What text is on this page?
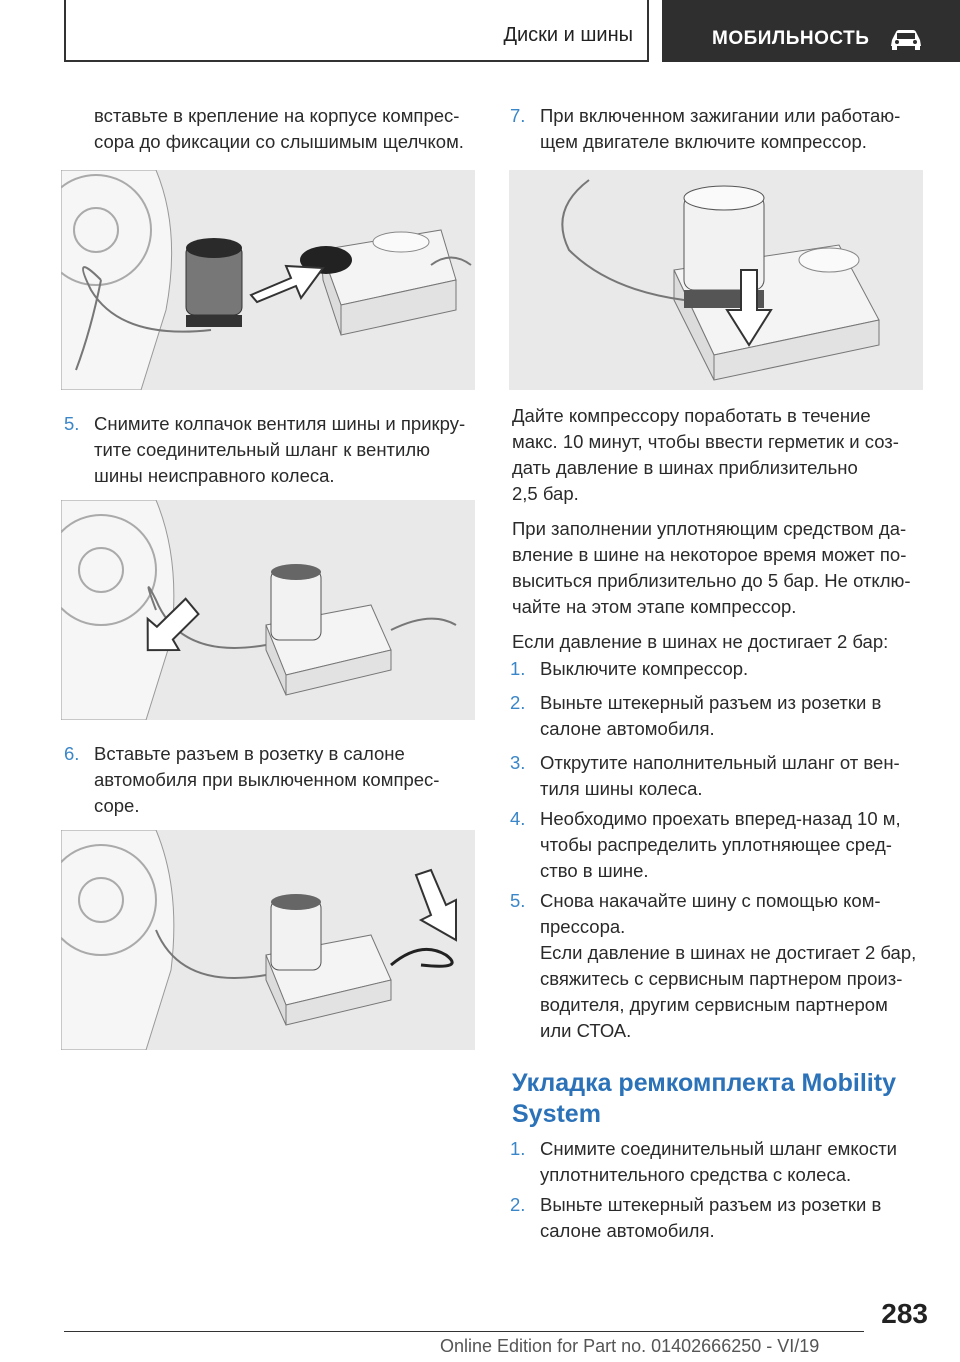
Диски и шины	МОБИЛЬНОСТЬ

вставьте в крепление на корпусе компрес-
сора до фиксации со слышимым щелчком.

5. Снимите колпачок вентиля шины и прикру-
тите соединительный шланг к вентилю
шины неисправного колеса.
6. Вставьте разъем в розетку в салоне
автомобиля при выключенном компрес-
соре.
7. При включенном зажигании или работаю-
щем двигателе включите компрессор.

Дайте компрессору поработать в течение
макс. 10 минут, чтобы ввести герметик и соз-
дать давление в шинах приблизительно
2,5 бар.

При заполнении уплотняющим средством да-
вление в шине на некоторое время может по-
выситься приблизительно до 5 бар. Не отклю-
чайте на этом этапе компрессор.

Если давление в шинах не достигает 2 бар:

1. Выключите компрессор.
2. Выньте штекерный разъем из розетки в
салоне автомобиля.
3. Открутите наполнительный шланг от вен-
тиля шины колеса.
4. Необходимо проехать вперед-назад 10 м,
чтобы распределить уплотняющее сред-
ство в шине.
5. Снова накачайте шину с помощью ком-
прессора.

Если давление в шинах не достигает 2 бар,
свяжитесь с сервисным партнером произ-
водителя, другим сервисным партнером
или СТОА.

Укладка ремкомплекта Mobility
System
1. Снимите соединительный шланг емкости
уплотнительного средства с колеса.
2. Выньте штекерный разъем из розетки в
салоне автомобиля.
283
Online Edition for Part no. 01402666250 - VI/19
